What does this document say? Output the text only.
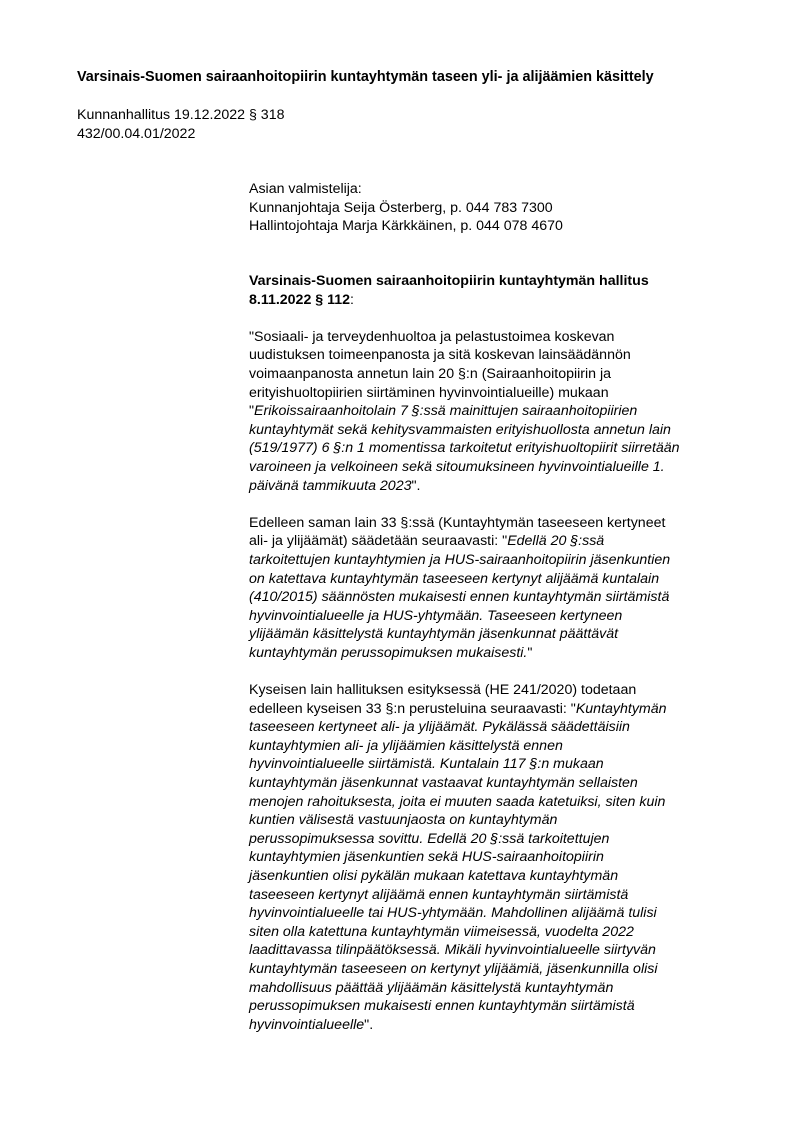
Varsinais-Suomen sairaanhoitopiirin kuntayhtymän taseen yli- ja alijäämien käsittely
Kunnanhallitus 19.12.2022 § 318
432/00.04.01/2022
Asian valmistelija:
Kunnanjohtaja Seija Österberg, p. 044 783 7300
Hallintojohtaja Marja Kärkkäinen, p. 044 078 4670
Varsinais-Suomen sairaanhoitopiirin kuntayhtymän hallitus
8.11.2022 § 112:
"Sosiaali- ja terveydenhuoltoa ja pelastustoimea koskevan
uudistuksen toimeenpanosta ja sitä koskevan lainsäädännön
voimaanpanosta annetun lain 20 §:n (Sairaanhoitopiirin ja
erityishuoltopiirien siirtäminen hyvinvointialueille) mukaan
"Erikoissairaanhoitolain 7 §:ssä mainittujen sairaanhoitopiirien
kuntayhtymät sekä kehitysvammaisten erityishuollosta annetun lain
(519/1977) 6 §:n 1 momentissa tarkoitetut erityishuoltopiirit siirretään
varoineen ja velkoineen sekä sitoumuksineen hyvinvointialueille 1.
päivänä tammikuuta 2023".
Edelleen saman lain 33 §:ssä (Kuntayhtymän taseeseen kertyneet
ali- ja ylijäämät) säädetään seuraavasti: "Edellä 20 §:ssä
tarkoitettujen kuntayhtymien ja HUS-sairaanhoitopiirin jäsenkuntien
on katettava kuntayhtymän taseeseen kertynyt alijäämä kuntalain
(410/2015) säännösten mukaisesti ennen kuntayhtymän siirtämistä
hyvinvointialueelle ja HUS-yhtymään. Taseeseen kertyneen
ylijäämän käsittelystä kuntayhtymän jäsenkunnat päättävät
kuntayhtymän perussopimuksen mukaisesti."
Kyseisen lain hallituksen esityksessä (HE 241/2020) todetaan
edelleen kyseisen 33 §:n perusteluina seuraavasti: "Kuntayhtymän
taseeseen kertyneet ali- ja ylijäämät. Pykälässä säädettäisiin
kuntayhtymien ali- ja ylijäämien käsittelystä ennen
hyvinvointialueelle siirtämistä. Kuntalain 117 §:n mukaan
kuntayhtymän jäsenkunnat vastaavat kuntayhtymän sellaisten
menojen rahoituksesta, joita ei muuten saada katetuiksi, siten kuin
kuntien välisestä vastuunjaosta on kuntayhtymän
perussopimuksessa sovittu. Edellä 20 §:ssä tarkoitettujen
kuntayhtymien jäsenkuntien sekä HUS-sairaanhoitopiirin
jäsenkuntien olisi pykälän mukaan katettava kuntayhtymän
taseeseen kertynyt alijäämä ennen kuntayhtymän siirtämistä
hyvinvointialueelle tai HUS-yhtymään. Mahdollinen alijäämä tulisi
siten olla katettuna kuntayhtymän viimeisessä, vuodelta 2022
laadittavassa tilinpäätöksessä. Mikäli hyvinvointialueelle siirtyvän
kuntayhtymän taseeseen on kertynyt ylijäämiä, jäsenkunnilla olisi
mahdollisuus päättää ylijäämän käsittelystä kuntayhtymän
perussopimuksen mukaisesti ennen kuntayhtymän siirtämistä
hyvinvointialueelle".
